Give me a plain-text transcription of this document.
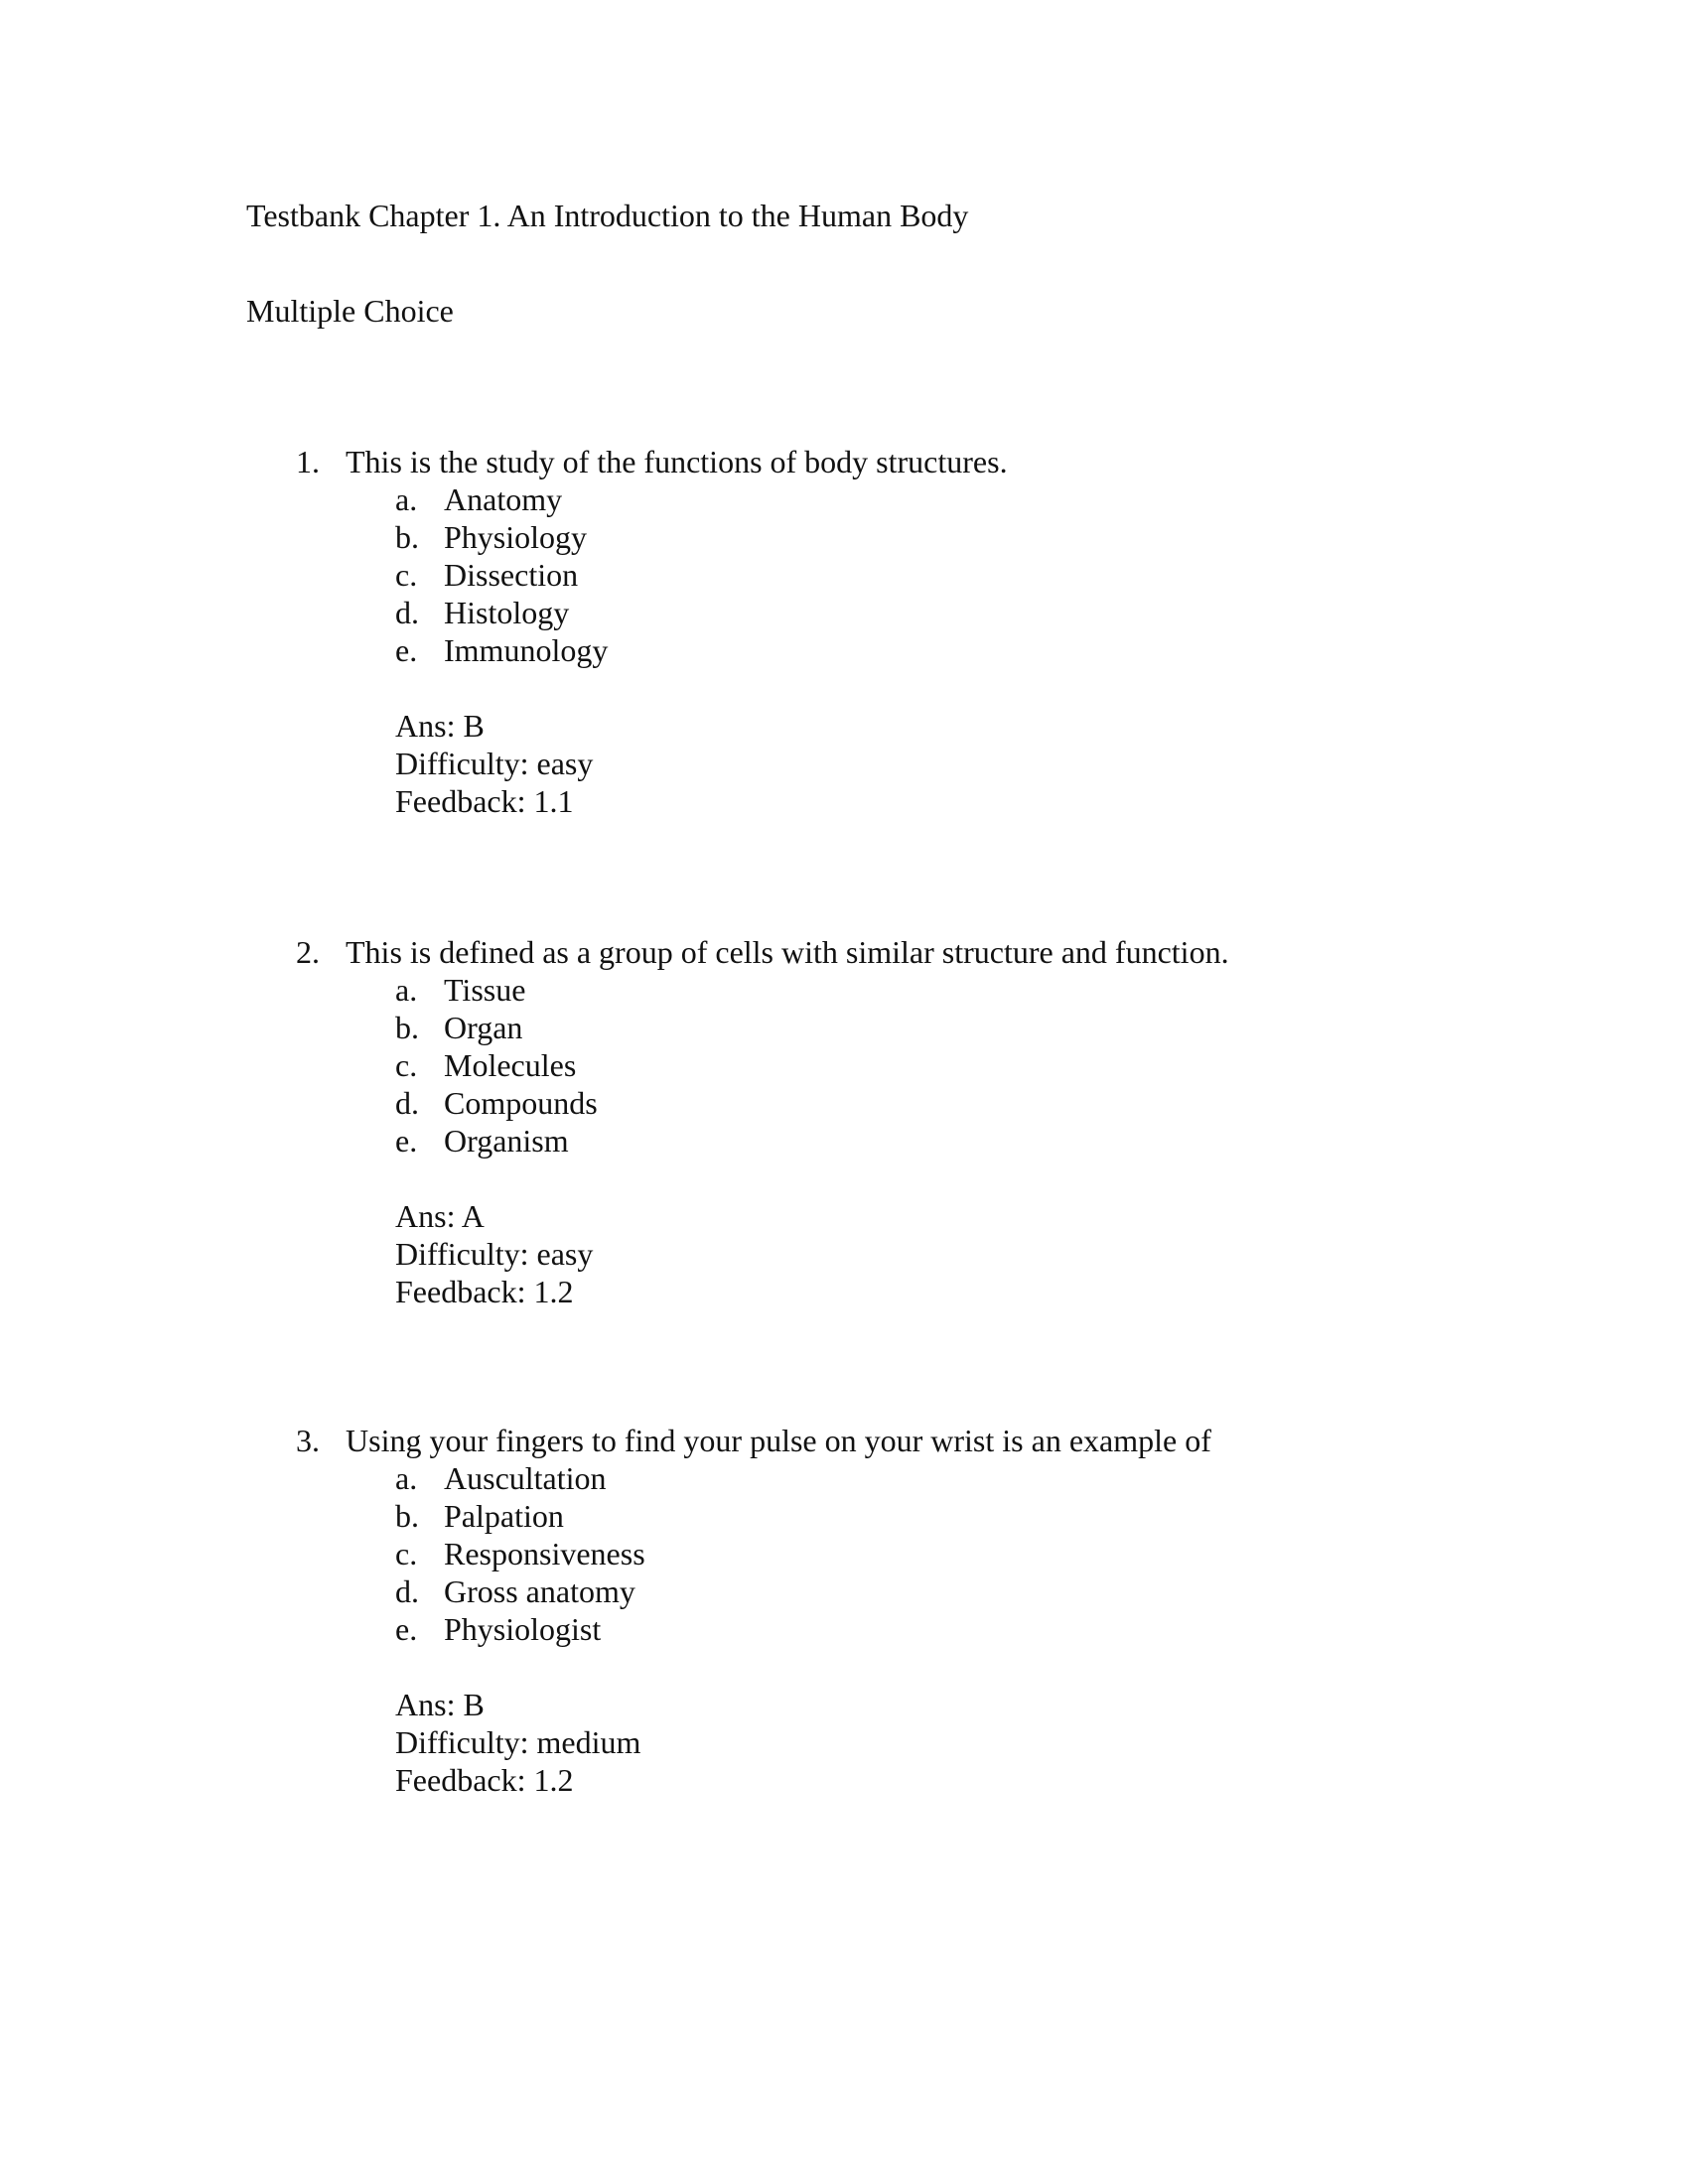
Testbank Chapter 1. An Introduction to the Human Body
Multiple Choice
1. This is the study of the functions of body structures.
a. Anatomy
b. Physiology
c. Dissection
d. Histology
e. Immunology
Ans: B
Difficulty: easy
Feedback: 1.1
2. This is defined as a group of cells with similar structure and function.
a. Tissue
b. Organ
c. Molecules
d. Compounds
e. Organism
Ans: A
Difficulty: easy
Feedback: 1.2
3. Using your fingers to find your pulse on your wrist is an example of
a. Auscultation
b. Palpation
c. Responsiveness
d. Gross anatomy
e. Physiologist
Ans: B
Difficulty: medium
Feedback: 1.2
